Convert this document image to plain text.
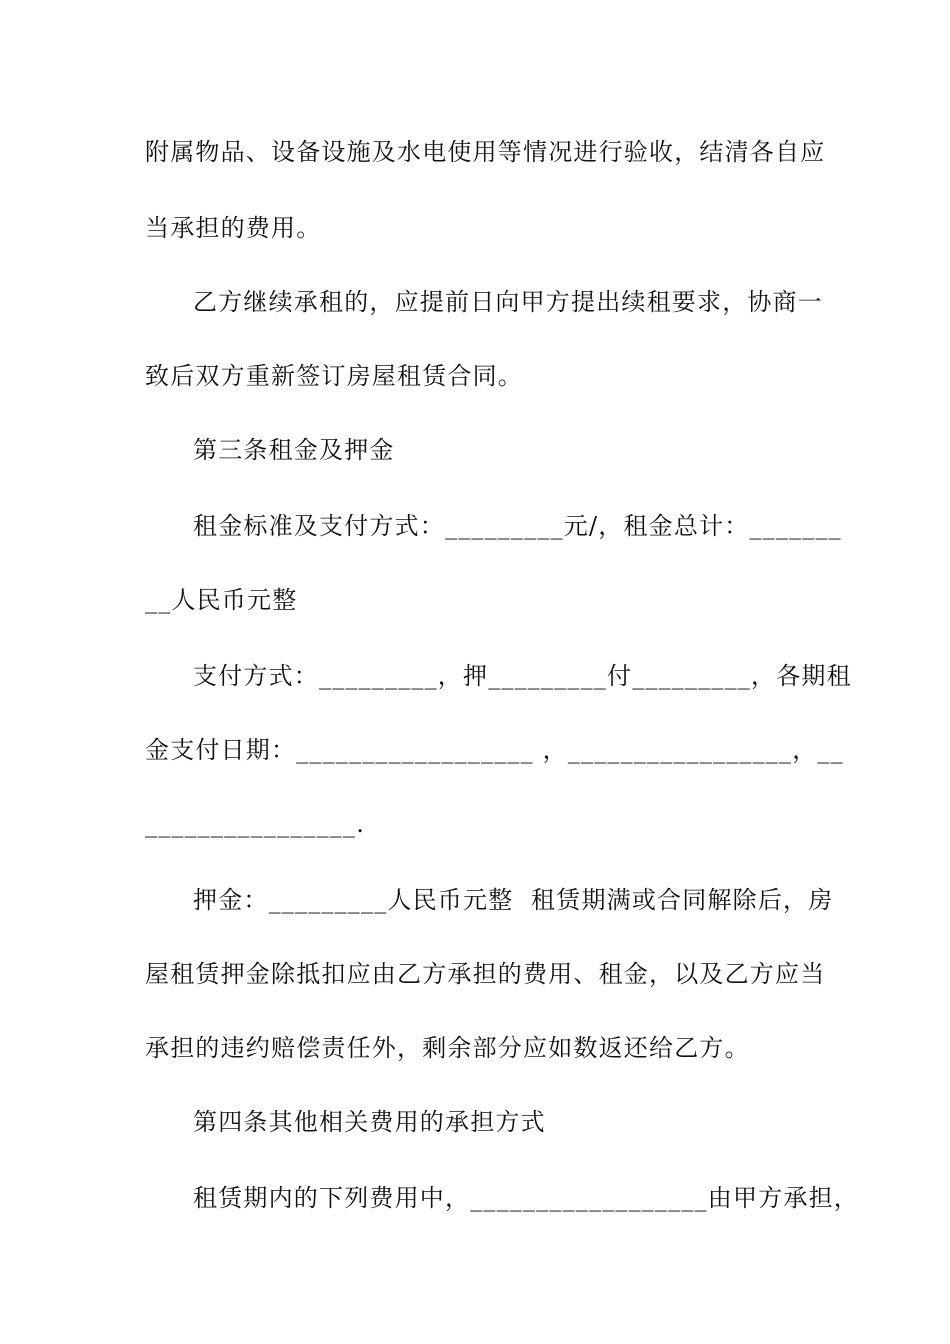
附属物品、设备设施及水电使用等情况进行验收，结清各自应
当承担的费用。
乙方继续承租的，应提前日向甲方提出续租要求，协商一
致后双方重新签订房屋租赁合同。
第三条租金及押金
租金标准及支付方式：_________元/，租金总计：_______
__人民币元整
支付方式：_________，押_________付_________，各期租
金支付日期：__________________ ，_________________，__
________________.
押金：_________人民币元整  租赁期满或合同解除后，房
屋租赁押金除抵扣应由乙方承担的费用、租金，以及乙方应当
承担的违约赔偿责任外，剩余部分应如数返还给乙方。
第四条其他相关费用的承担方式
租赁期内的下列费用中，__________________由甲方承担，
